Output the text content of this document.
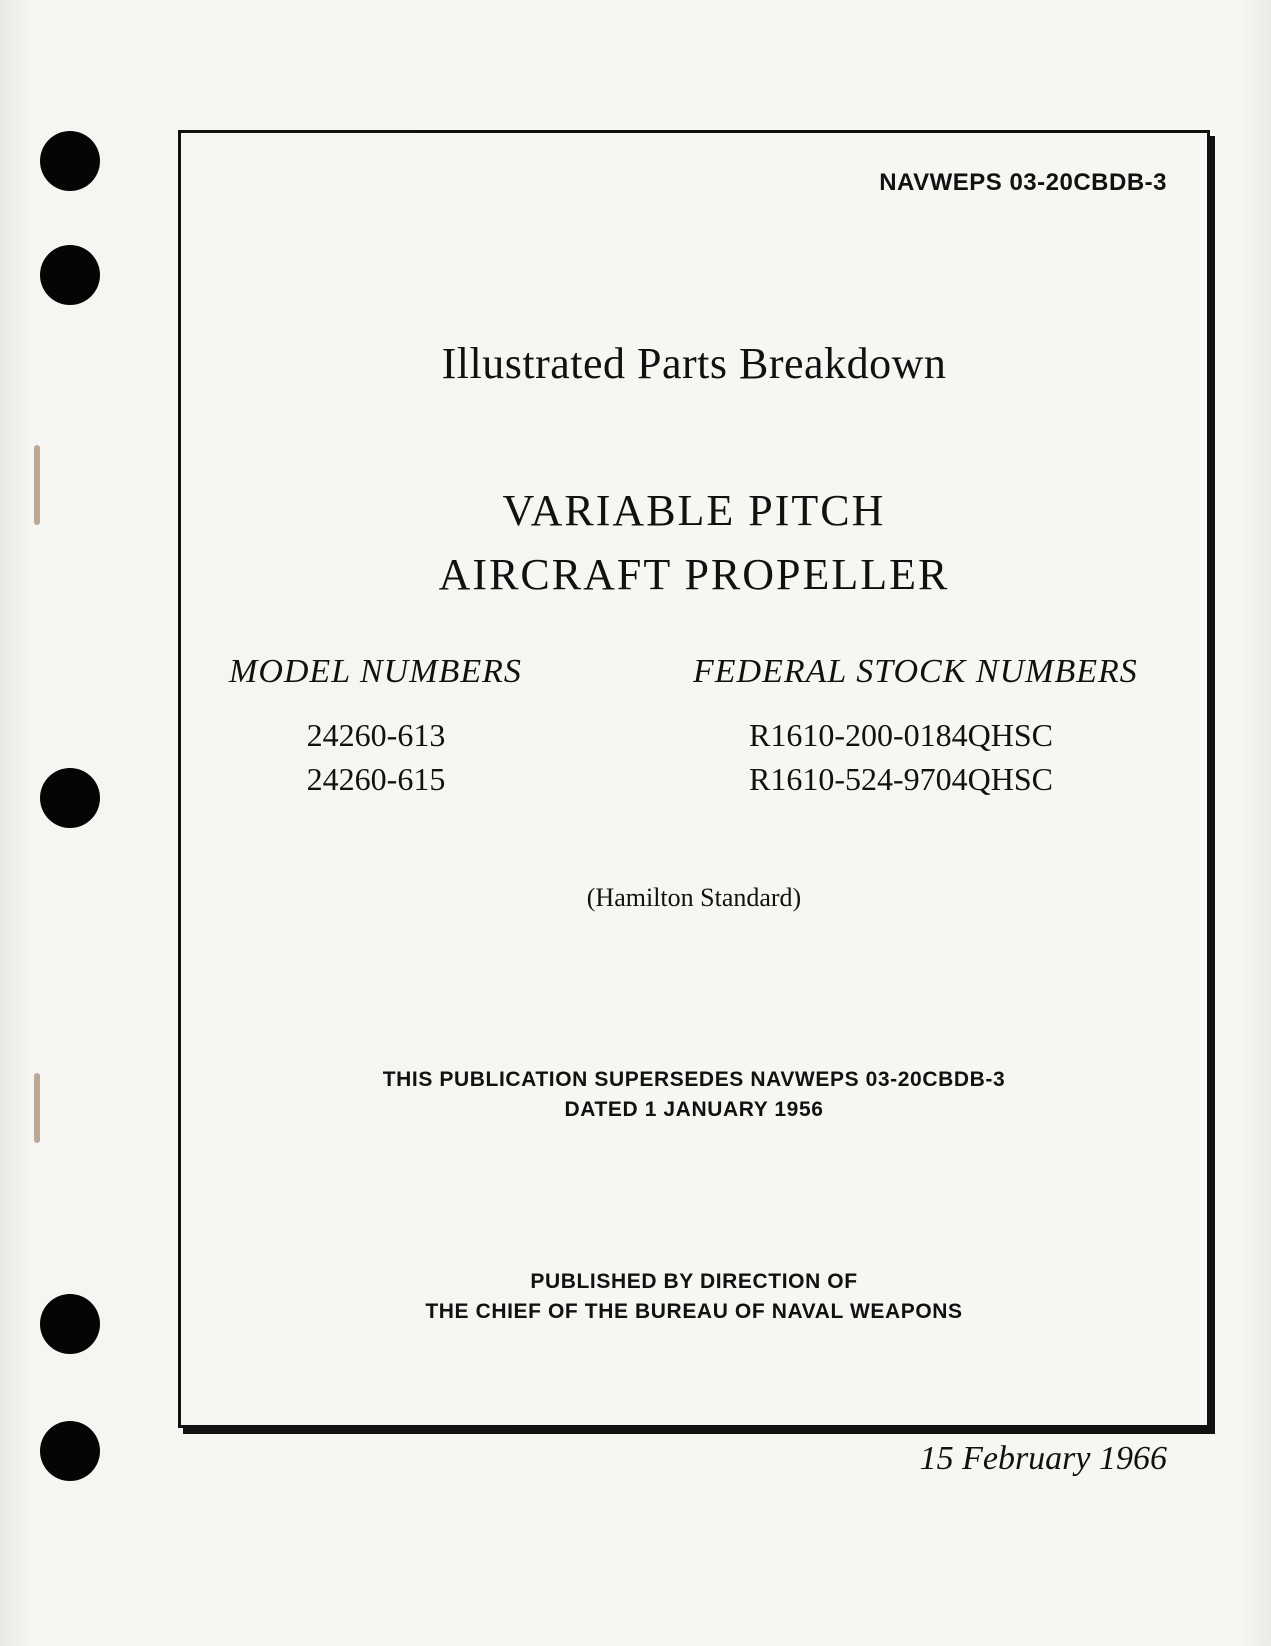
NAVWEPS 03-20CBDB-3
Illustrated Parts Breakdown
VARIABLE PITCH
AIRCRAFT PROPELLER
MODEL NUMBERS	FEDERAL STOCK NUMBERS
24260-613
24260-615
R1610-200-0184QHSC
R1610-524-9704QHSC
(Hamilton Standard)
THIS PUBLICATION SUPERSEDES NAVWEPS 03-20CBDB-3
DATED 1 JANUARY 1956
PUBLISHED BY DIRECTION OF
THE CHIEF OF THE BUREAU OF NAVAL WEAPONS
15 February 1966
